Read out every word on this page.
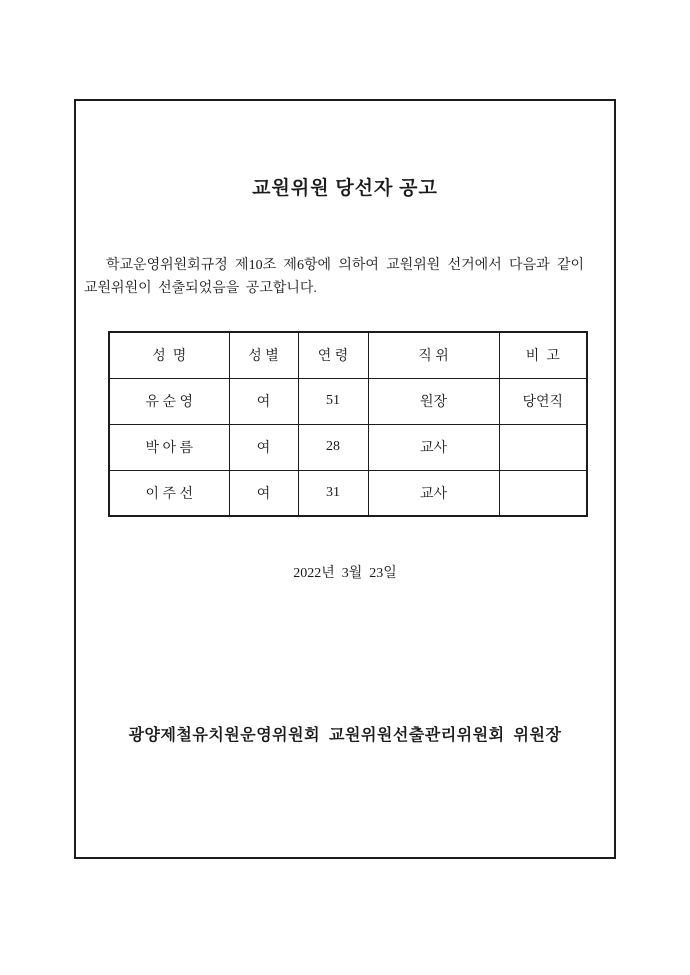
교원위원 당선자 공고
학교운영위원회규정 제10조 제6항에 의하여 교원위원 선거에서 다음과 같이
교원위원이 선출되었음을 공고합니다.
성  명	성 별	연 령	직 위	비  고
유 순 영	여	51	원장	당연직
박 아 름	여	28	교사	
이 주 선	여	31	교사	
2022년  3월  23일
광양제철유치원운영위원회  교원위원선출관리위원회  위원장
